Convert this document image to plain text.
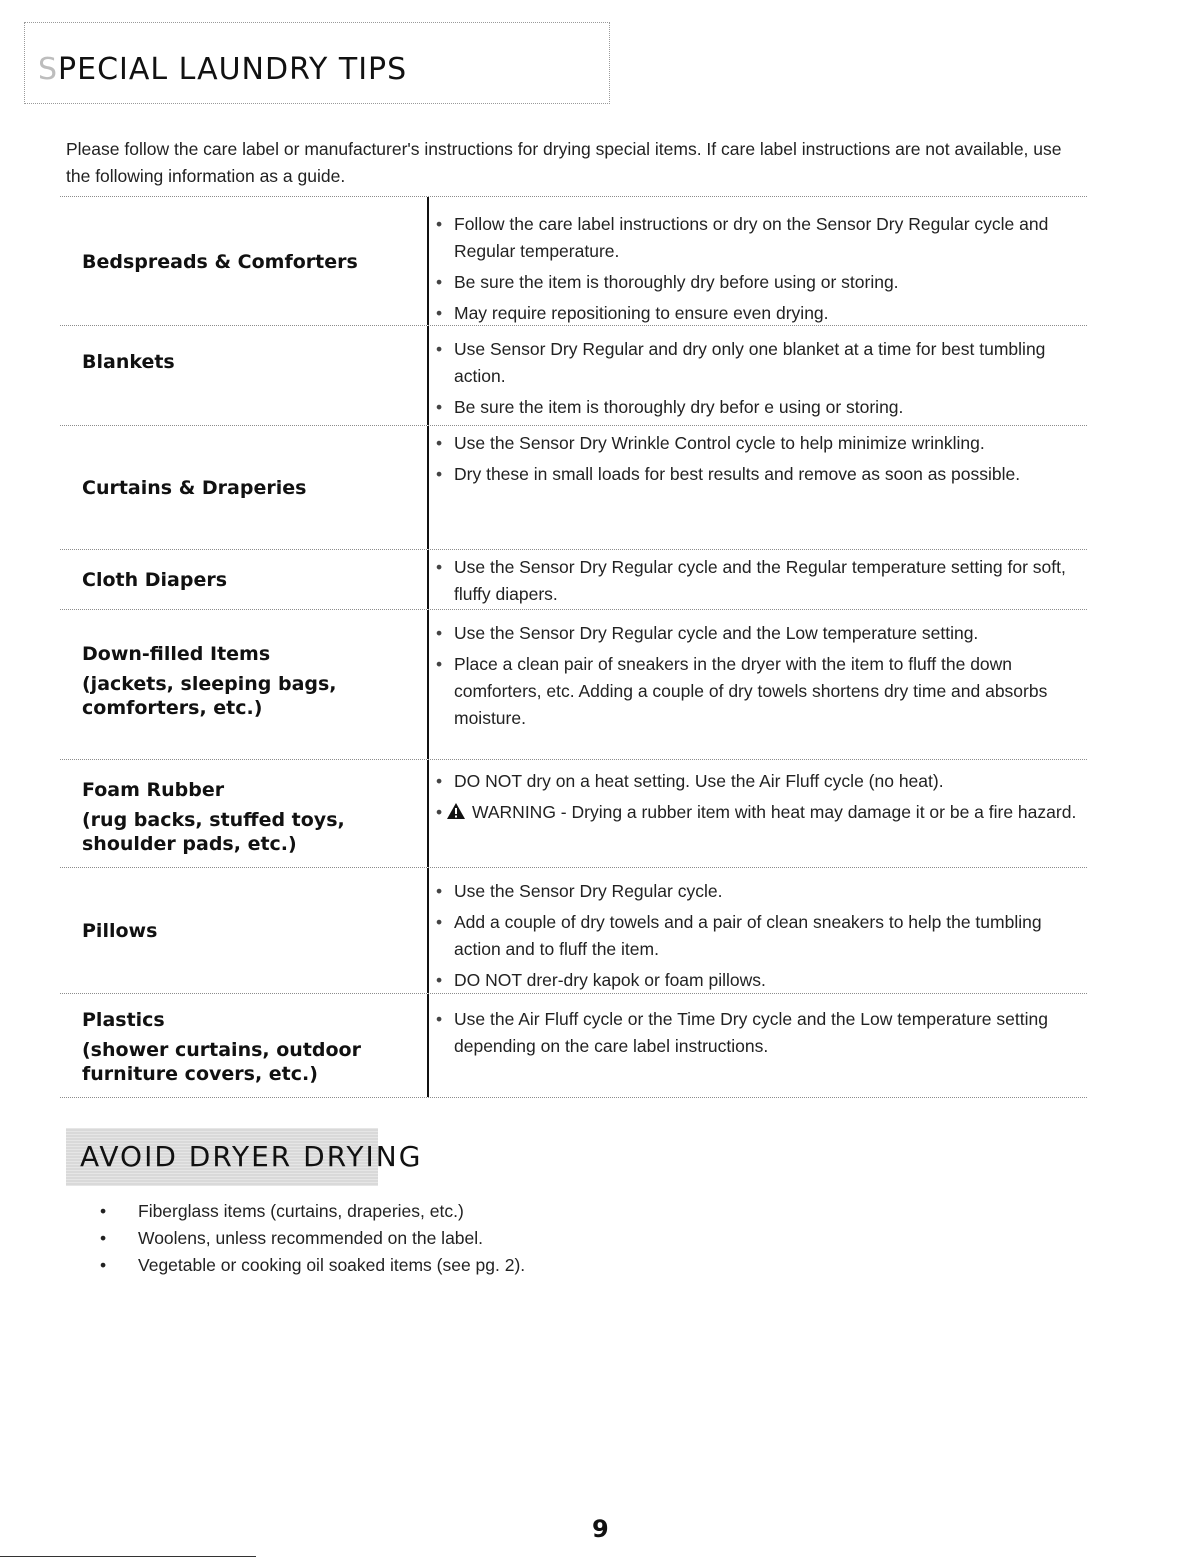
SPECIAL LAUNDRY TIPS
Please follow the care label or manufacturer's instructions for drying special items. If care label instructions are not available, use the following information as a guide.
Bedspreads & Comforters
• Follow the care label instructions or dry on the Sensor Dry Regular cycle and Regular temperature.
• Be sure the item is thoroughly dry before using or storing.
• May require repositioning to ensure even drying.
Blankets
• Use Sensor Dry Regular and dry only one blanket at a time for best tumbling action.
• Be sure the item is thoroughly dry befor e using or storing.
Curtains & Draperies
• Use the Sensor Dry Wrinkle Control cycle to help minimize wrinkling.
• Dry these in small loads for best results and remove as soon as possible.
Cloth Diapers
• Use the Sensor Dry Regular cycle and the Regular temperature setting for soft, fluffy diapers.
Down-filled Items
(jackets, sleeping bags, comforters, etc.)
• Use the Sensor Dry Regular cycle and the Low temperature setting.
• Place a clean pair of sneakers in the dryer with the item to fluff the down comforters, etc. Adding a couple of dry towels shortens dry time and absorbs moisture.
Foam Rubber
(rug backs, stuffed toys, shoulder pads, etc.)
• DO NOT dry on a heat setting. Use the Air Fluff cycle (no heat).
• WARNING - Drying a rubber item with heat may damage it or be a fire hazard.
Pillows
• Use the Sensor Dry Regular cycle.
• Add a couple of dry towels and a pair of clean sneakers to help the tumbling action and to fluff the item.
• DO NOT drer-dry kapok or foam pillows.
Plastics
(shower curtains, outdoor furniture covers, etc.)
• Use the Air Fluff cycle or the Time Dry cycle and the Low temperature setting depending on the care label instructions.
AVOID DRYER DRYING
• Fiberglass items (curtains, draperies, etc.)
• Woolens, unless recommended on the label.
• Vegetable or cooking oil soaked items (see pg. 2).
9
